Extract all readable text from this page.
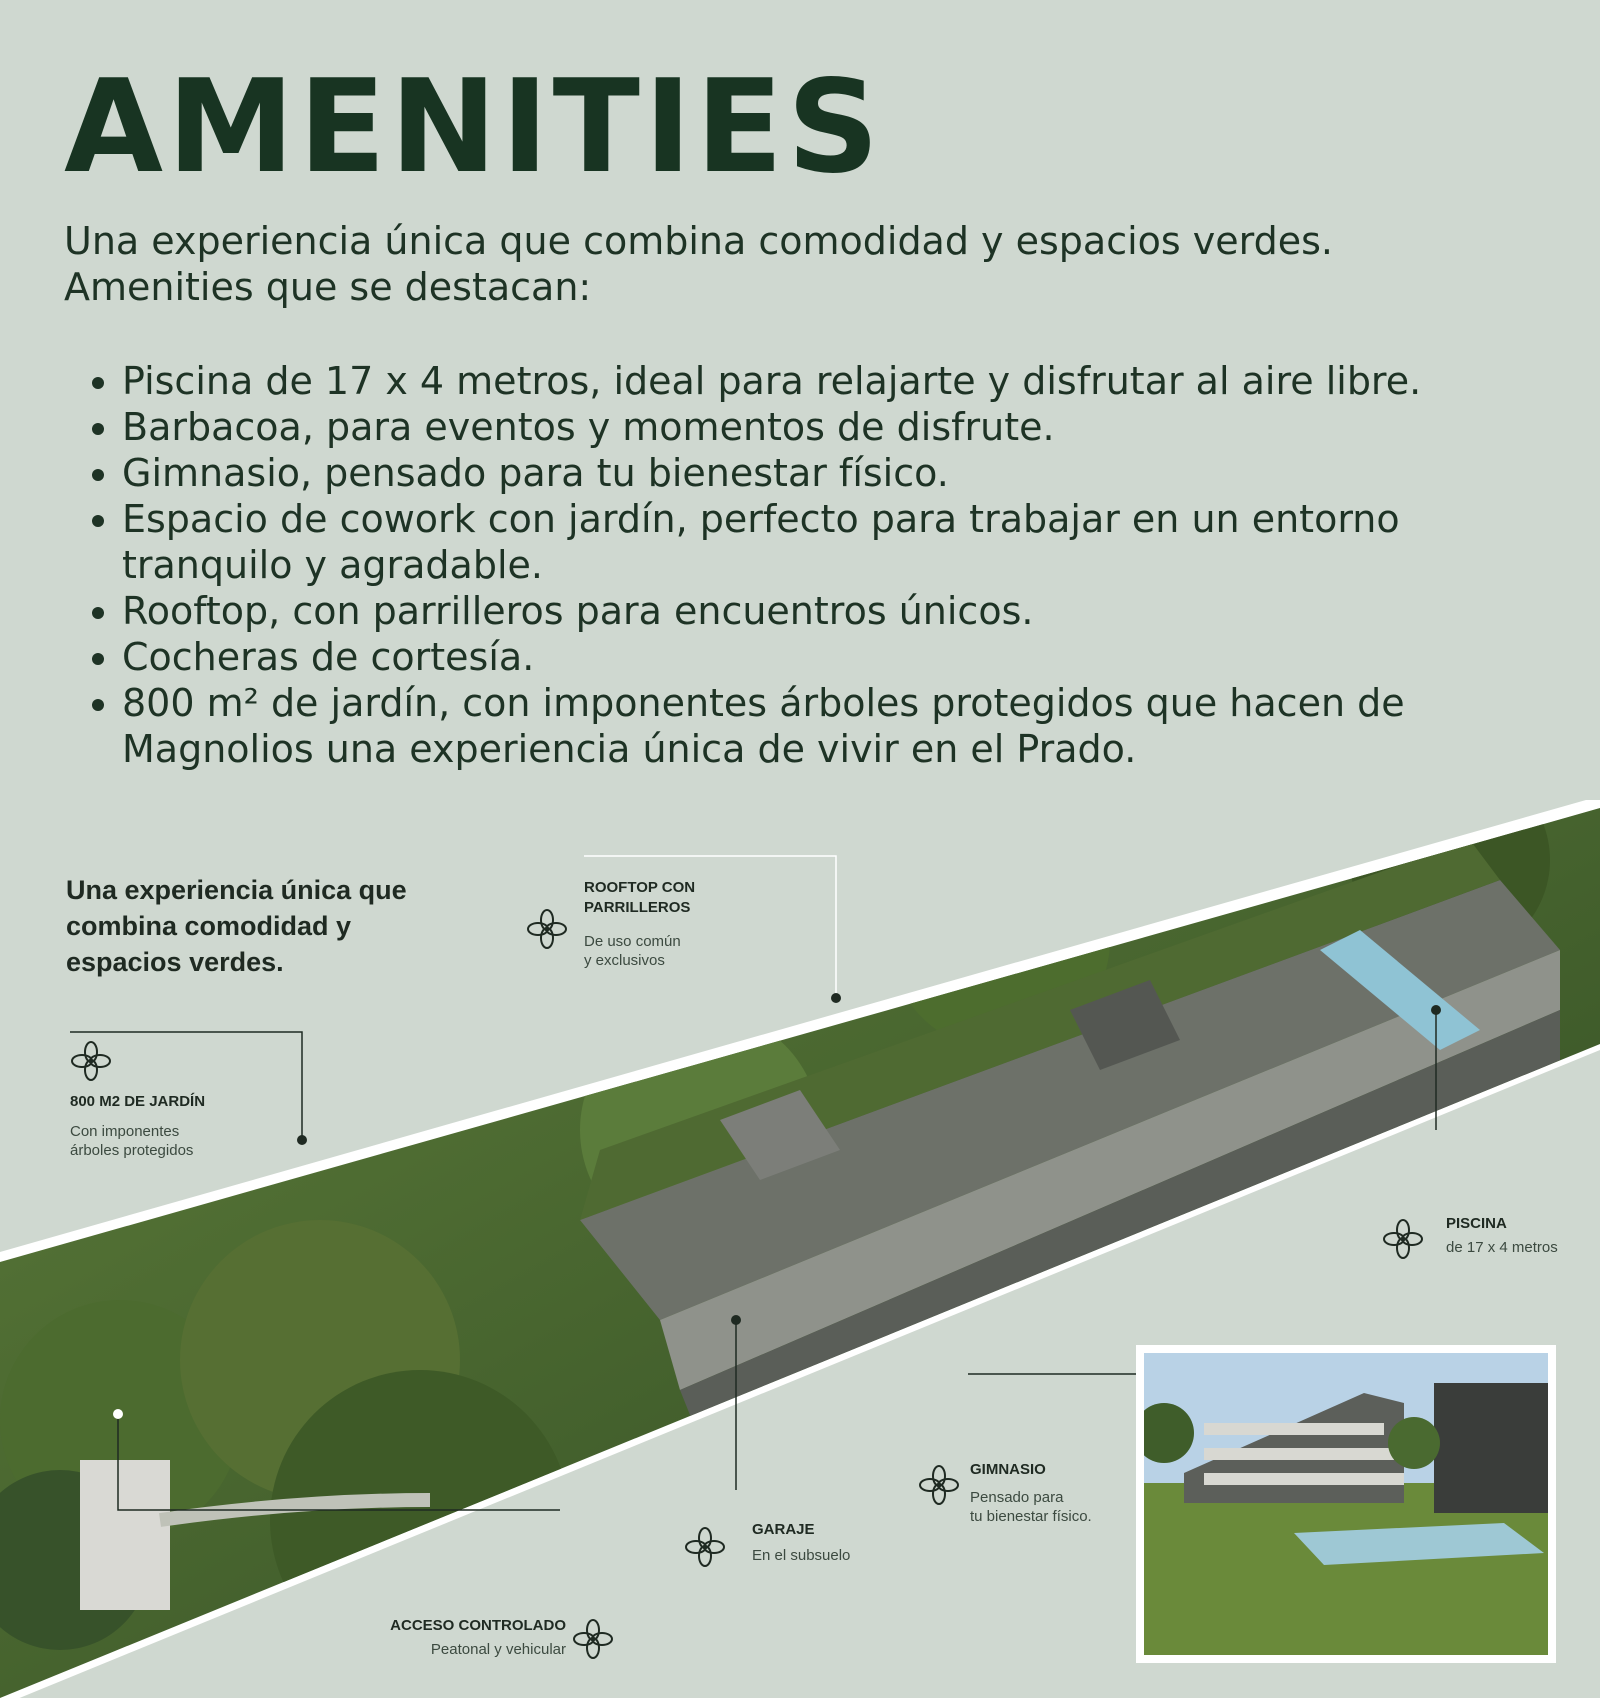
AMENITIES

Una experiencia única que combina comodidad y espacios verdes.
Amenities que se destacan:

• Piscina de 17 x 4 metros, ideal para relajarte y disfrutar al aire libre.
• Barbacoa, para eventos y momentos de disfrute.
• Gimnasio, pensado para tu bienestar físico.
• Espacio de cowork con jardín, perfecto para trabajar en un entorno tranquilo y agradable.
• Rooftop, con parrilleros para encuentros únicos.
• Cocheras de cortesía.
• 800 m² de jardín, con imponentes árboles protegidos que hacen de Magnolios una experiencia única de vivir en el Prado.
Una experiencia única que combina comodidad y espacios verdes.
ROOFTOP CON
PARRILLEROS
De uso común
y exclusivos
800 M2 DE JARDÍN
Con imponentes
árboles protegidos
PISCINA
de 17 x 4 metros
GIMNASIO
Pensado para
tu bienestar físico.
GARAJE
En el subsuelo
ACCESO CONTROLADO
Peatonal y vehicular
